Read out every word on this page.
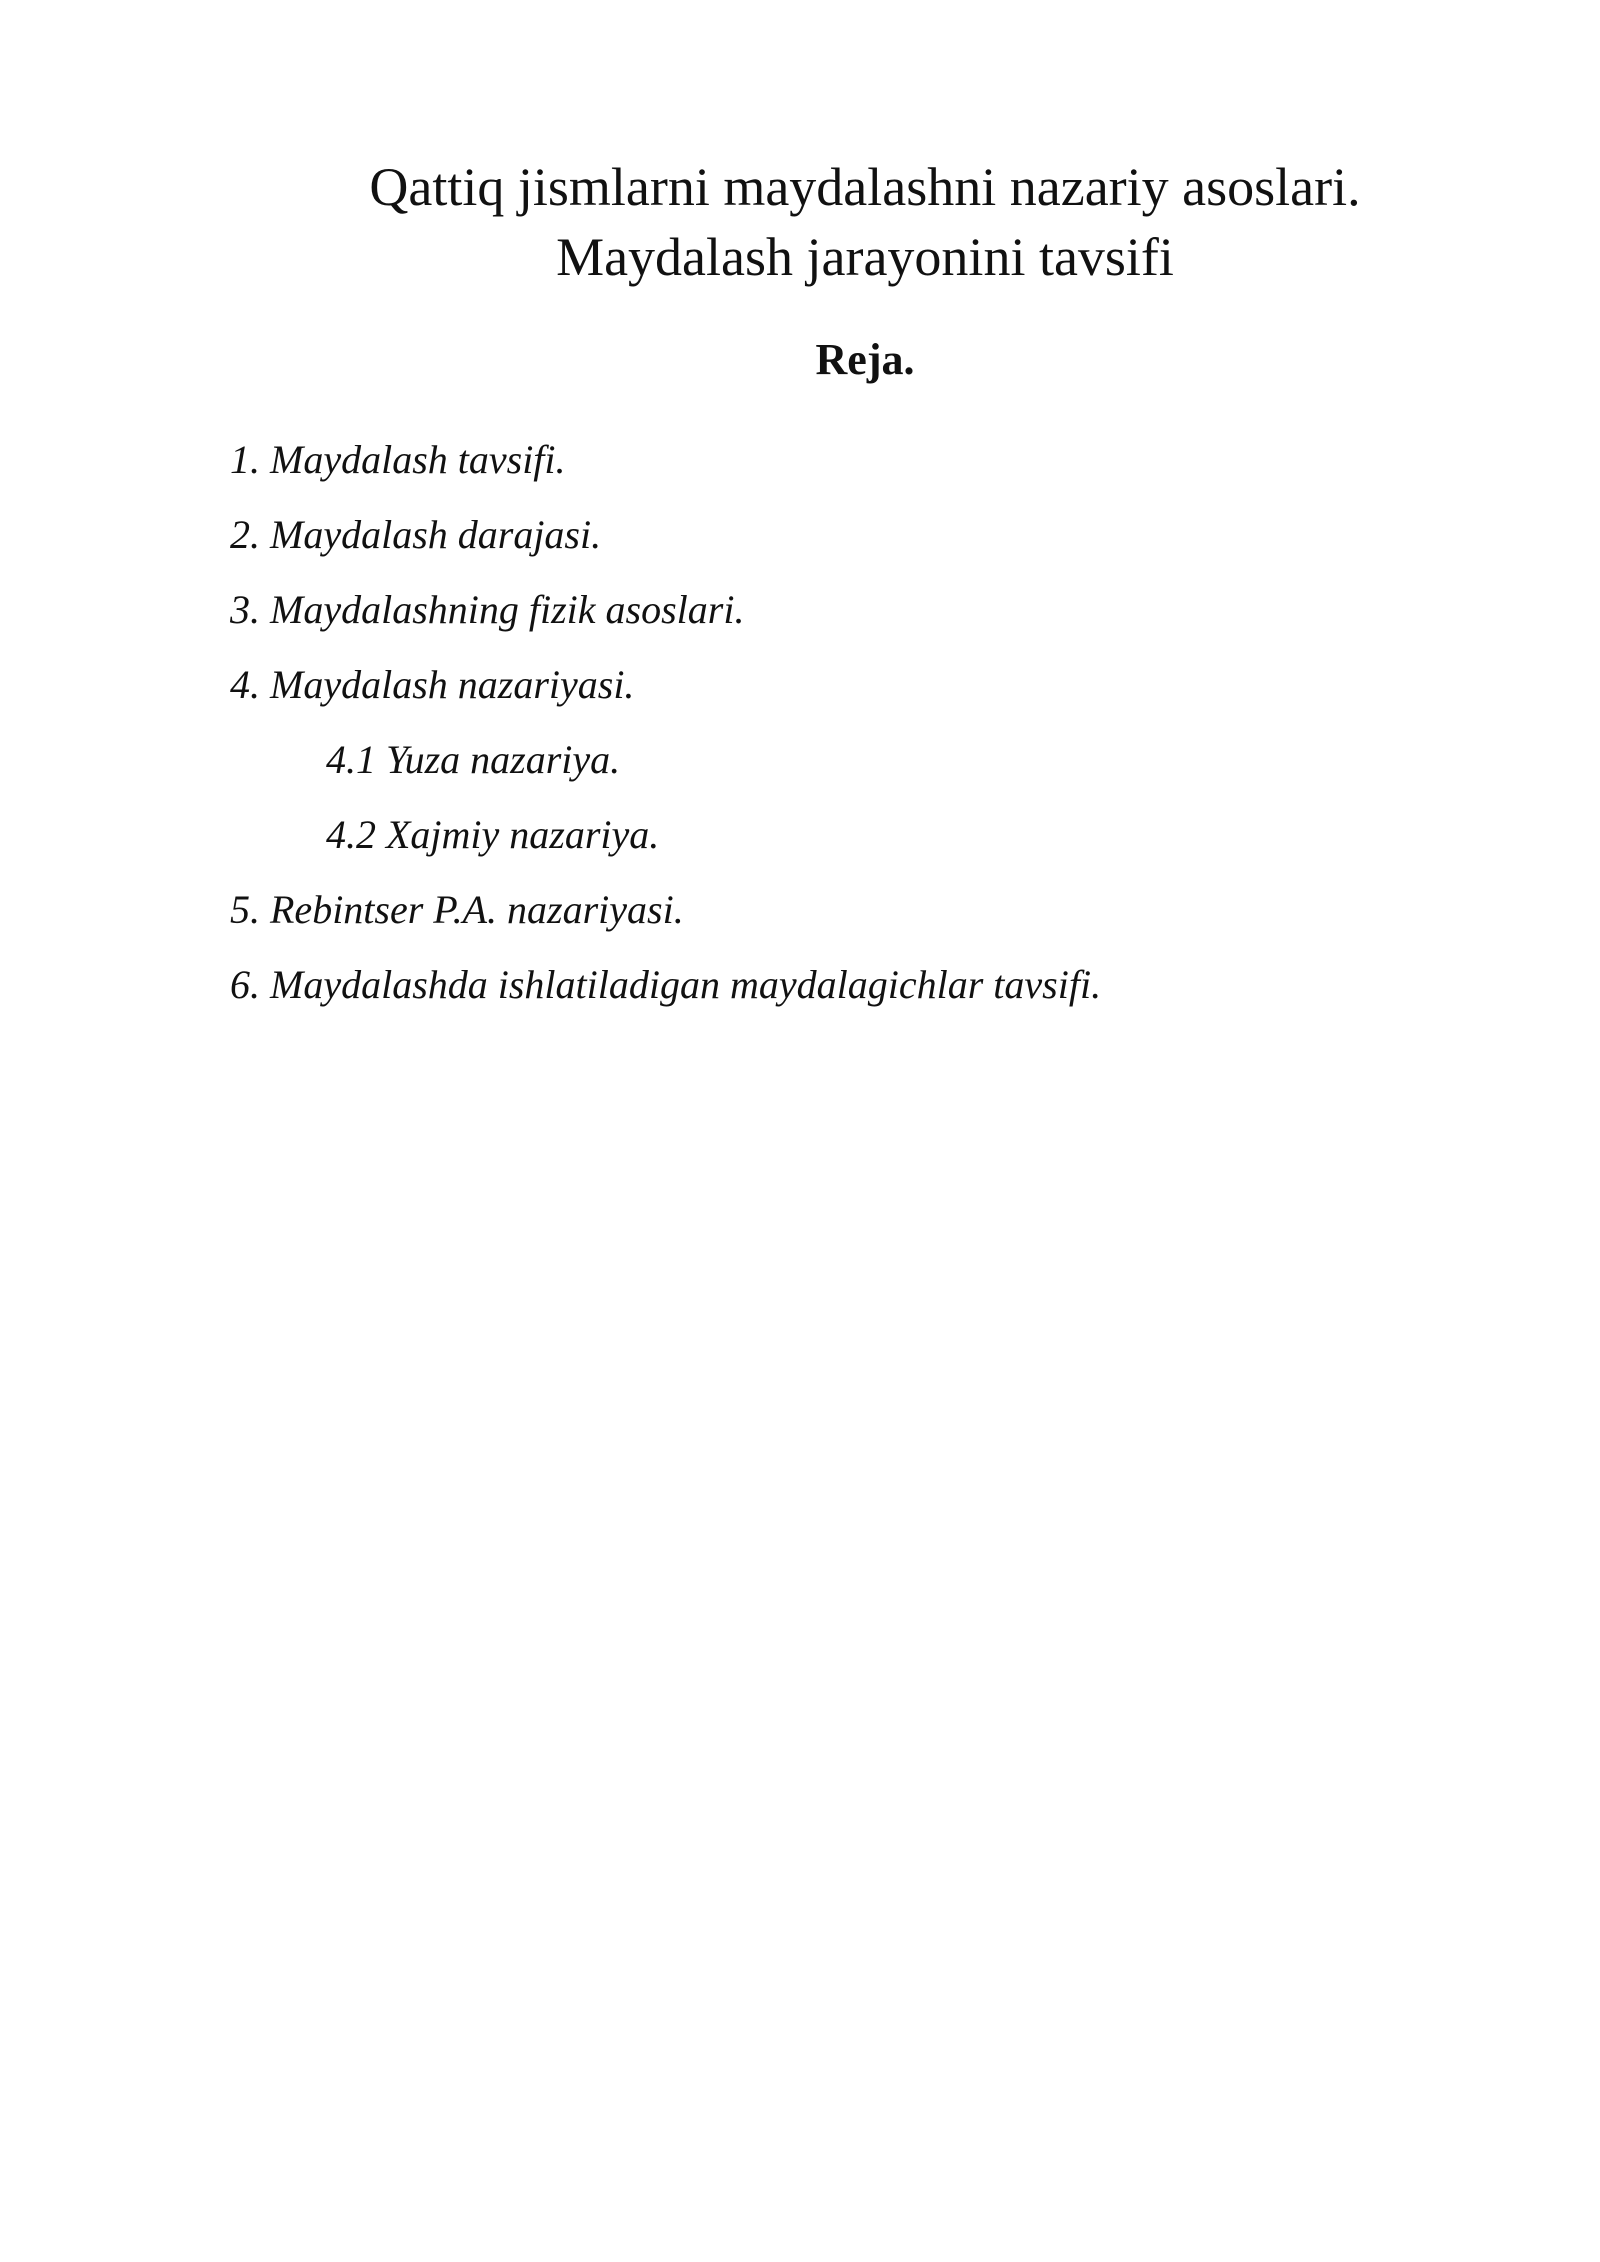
Qattiq jismlarni maydalashni nazariy asoslari.
Maydalash jarayonini tavsifi
Reja.
1. Maydalash tavsifi.
2. Maydalash darajasi.
3. Maydalashning fizik asoslari.
4. Maydalash nazariyasi.
4.1 Yuza nazariya.
4.2 Xajmiy nazariya.
5. Rebintser P.A. nazariyasi.
6. Maydalashda ishlatiladigan maydalagichlar tavsifi.
